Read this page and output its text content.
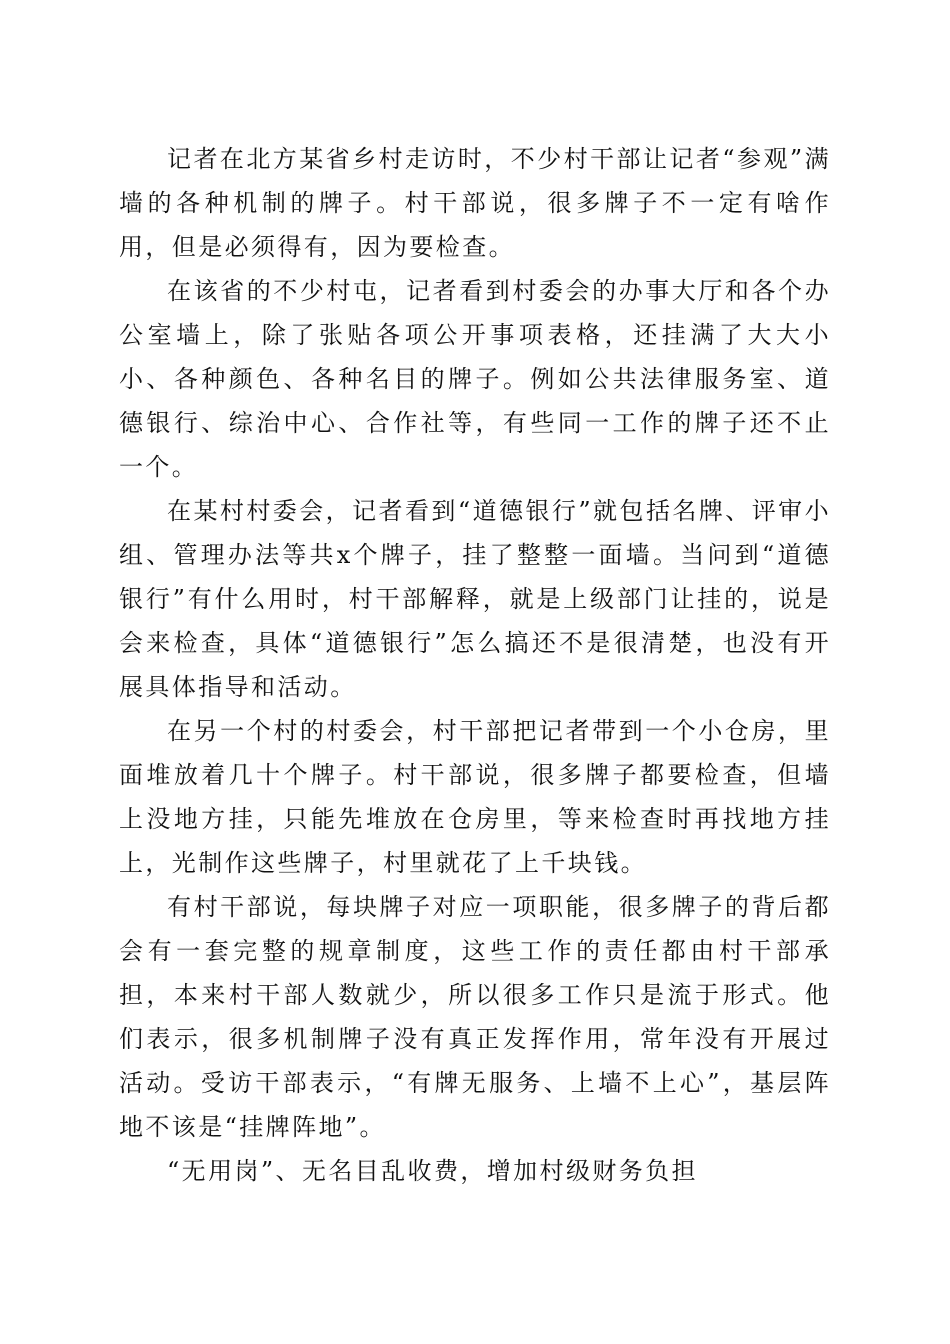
记者在北方某省乡村走访时，不少村干部让记者“参观”满墙的各种机制的牌子。村干部说，很多牌子不一定有啥作用，但是必须得有，因为要检查。

在该省的不少村屯，记者看到村委会的办事大厅和各个办公室墙上，除了张贴各项公开事项表格，还挂满了大大小小、各种颜色、各种名目的牌子。例如公共法律服务室、道德银行、综治中心、合作社等，有些同一工作的牌子还不止一个。

在某村村委会，记者看到“道德银行”就包括名牌、评审小组、管理办法等共x个牌子，挂了整整一面墙。当问到“道德银行”有什么用时，村干部解释，就是上级部门让挂的，说是会来检查，具体“道德银行”怎么搞还不是很清楚，也没有开展具体指导和活动。

在另一个村的村委会，村干部把记者带到一个小仓房，里面堆放着几十个牌子。村干部说，很多牌子都要检查，但墙上没地方挂，只能先堆放在仓房里，等来检查时再找地方挂上，光制作这些牌子，村里就花了上千块钱。

有村干部说，每块牌子对应一项职能，很多牌子的背后都会有一套完整的规章制度，这些工作的责任都由村干部承担，本来村干部人数就少，所以很多工作只是流于形式。他们表示，很多机制牌子没有真正发挥作用，常年没有开展过活动。受访干部表示，“有牌无服务、上墙不上心”，基层阵地不该是“挂牌阵地”。

“无用岗”、无名目乱收费，增加村级财务负担
